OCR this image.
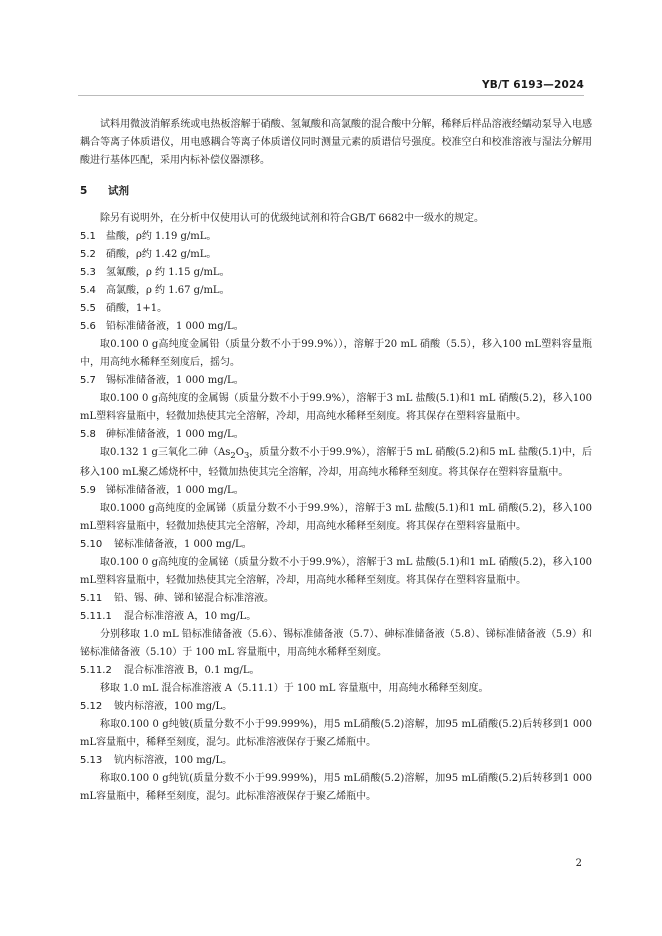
YB/T 6193—2024

试料用微波消解系统或电热板溶解于硝酸、氢氟酸和高氯酸的混合酸中分解，稀释后样品溶液经蠕动泵导入电感耦合等离子体质谱仪，用电感耦合等离子体质谱仪同时测量元素的质谱信号强度。校准空白和校准溶液与湿法分解用酸进行基体匹配，采用内标补偿仪器漂移。

5 试剂

除另有说明外，在分析中仅使用认可的优级纯试剂和符合GB/T 6682中一级水的规定。

5.1 盐酸，ρ约 1.19 g/mL。

5.2 硝酸，ρ约 1.42 g/mL。

5.3 氢氟酸，ρ 约 1.15 g/mL。

5.4 高氯酸，ρ 约 1.67 g/mL。

5.5 硝酸，1+1。

5.6 铅标准储备液，1 000 mg/L。

取0.100 0 g高纯度金属铅（质量分数不小于99.9%）），溶解于20 mL 硝酸（5.5），移入100 mL塑料容量瓶中，用高纯水稀释至刻度后，摇匀。

5.7 锡标准储备液，1 000 mg/L。

取0.100 0 g高纯度的金属锡（质量分数不小于99.9%），溶解于3 mL 盐酸(5.1)和1 mL 硝酸(5.2)，移入100 mL塑料容量瓶中，轻微加热使其完全溶解，冷却，用高纯水稀释至刻度。将其保存在塑料容量瓶中。

5.8 砷标准储备液，1 000 mg/L。

取0.132 1 g三氧化二砷（$As_2O_3$，质量分数不小于99.9%），溶解于5 mL 硝酸(5.2)和5 mL 盐酸(5.1)中，后移入100 mL聚乙烯烧杯中，轻微加热使其完全溶解，冷却，用高纯水稀释至刻度。将其保存在塑料容量瓶中。

5.9 锑标准储备液，1 000 mg/L。

取0.1000 g高纯度的金属锑（质量分数不小于99.9%），溶解于3 mL 盐酸(5.1)和1 mL 硝酸(5.2)，移入100 mL塑料容量瓶中，轻微加热使其完全溶解，冷却，用高纯水稀释至刻度。将其保存在塑料容量瓶中。

5.10 铋标准储备液，1 000 mg/L。

取0.100 0 g高纯度的金属铋（质量分数不小于99.9%），溶解于3 mL 盐酸(5.1)和1 mL 硝酸(5.2)，移入100 mL塑料容量瓶中，轻微加热使其完全溶解，冷却，用高纯水稀释至刻度。将其保存在塑料容量瓶中。

5.11 铅、锡、砷、锑和铋混合标准溶液。

5.11.1 混合标准溶液 A，10 mg/L。

分别移取 1.0 mL 铅标准储备液（5.6）、锡标准储备液（5.7）、砷标准储备液（5.8）、锑标准储备液（5.9）和铋标准储备液（5.10）于 100 mL 容量瓶中，用高纯水稀释至刻度。

5.11.2 混合标准溶液 B，0.1 mg/L。

移取 1.0 mL 混合标准溶液 A（5.11.1）于 100 mL 容量瓶中，用高纯水稀释至刻度。

5.12 铍内标溶液，100 mg/L。

称取0.100 0 g纯铍(质量分数不小于99.999%)，用5 mL硝酸(5.2)溶解，加95 mL硝酸(5.2)后转移到1 000 mL容量瓶中，稀释至刻度，混匀。此标准溶液保存于聚乙烯瓶中。

5.13 钪内标溶液，100 mg/L。

称取0.100 0 g纯钪(质量分数不小于99.999%)，用5 mL硝酸(5.2)溶解，加95 mL硝酸(5.2)后转移到1 000 mL容量瓶中，稀释至刻度，混匀。此标准溶液保存于聚乙烯瓶中。

2
